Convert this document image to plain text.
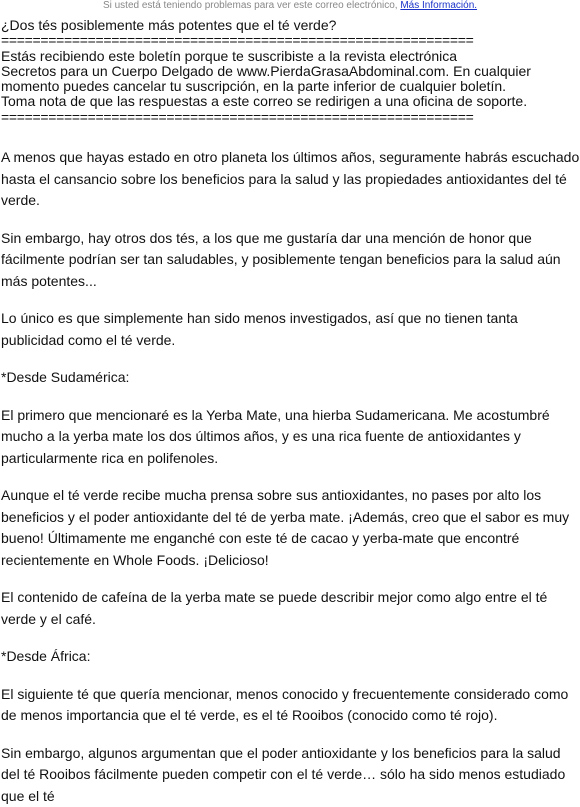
Si usted está teniendo problemas para ver este correo electrónico, Más Información.
¿Dos tés posiblemente más potentes que el té verde?
============================================================
Estás recibiendo este boletín porque te suscribiste a la revista electrónica
Secretos para un Cuerpo Delgado de www.PierdaGrasaAbdominal.com. En cualquier
momento puedes cancelar tu suscripción, en la parte inferior de cualquier boletín.
Toma nota de que las respuestas a este correo se redirigen a una oficina de soporte.
============================================================

A menos que hayas estado en otro planeta los últimos años, seguramente habrás escuchado hasta el cansancio sobre los beneficios para la salud y las propiedades antioxidantes del té verde.

Sin embargo, hay otros dos tés, a los que me gustaría dar una mención de honor que fácilmente podrían ser tan saludables, y posiblemente tengan beneficios para la salud aún más potentes...

Lo único es que simplemente han sido menos investigados, así que no tienen tanta publicidad como el té verde.

*Desde Sudamérica:

El primero que mencionaré es la Yerba Mate, una hierba Sudamericana. Me acostumbré mucho a la yerba mate los dos últimos años, y es una rica fuente de antioxidantes y particularmente rica en polifenoles.

Aunque el té verde recibe mucha prensa sobre sus antioxidantes, no pases por alto los beneficios y el poder antioxidante del té de yerba mate. ¡Además, creo que el sabor es muy bueno! Últimamente me enganché con este té de cacao y yerba-mate que encontré recientemente en Whole Foods. ¡Delicioso!

El contenido de cafeína de la yerba mate se puede describir mejor como algo entre el té verde y el café.

*Desde África:

El siguiente té que quería mencionar, menos conocido y frecuentemente considerado como de menos importancia que el té verde, es el té Rooibos (conocido como té rojo).

Sin embargo, algunos argumentan que el poder antioxidante y los beneficios para la salud del té Rooibos fácilmente pueden competir con el té verde… sólo ha sido menos estudiado que el té
